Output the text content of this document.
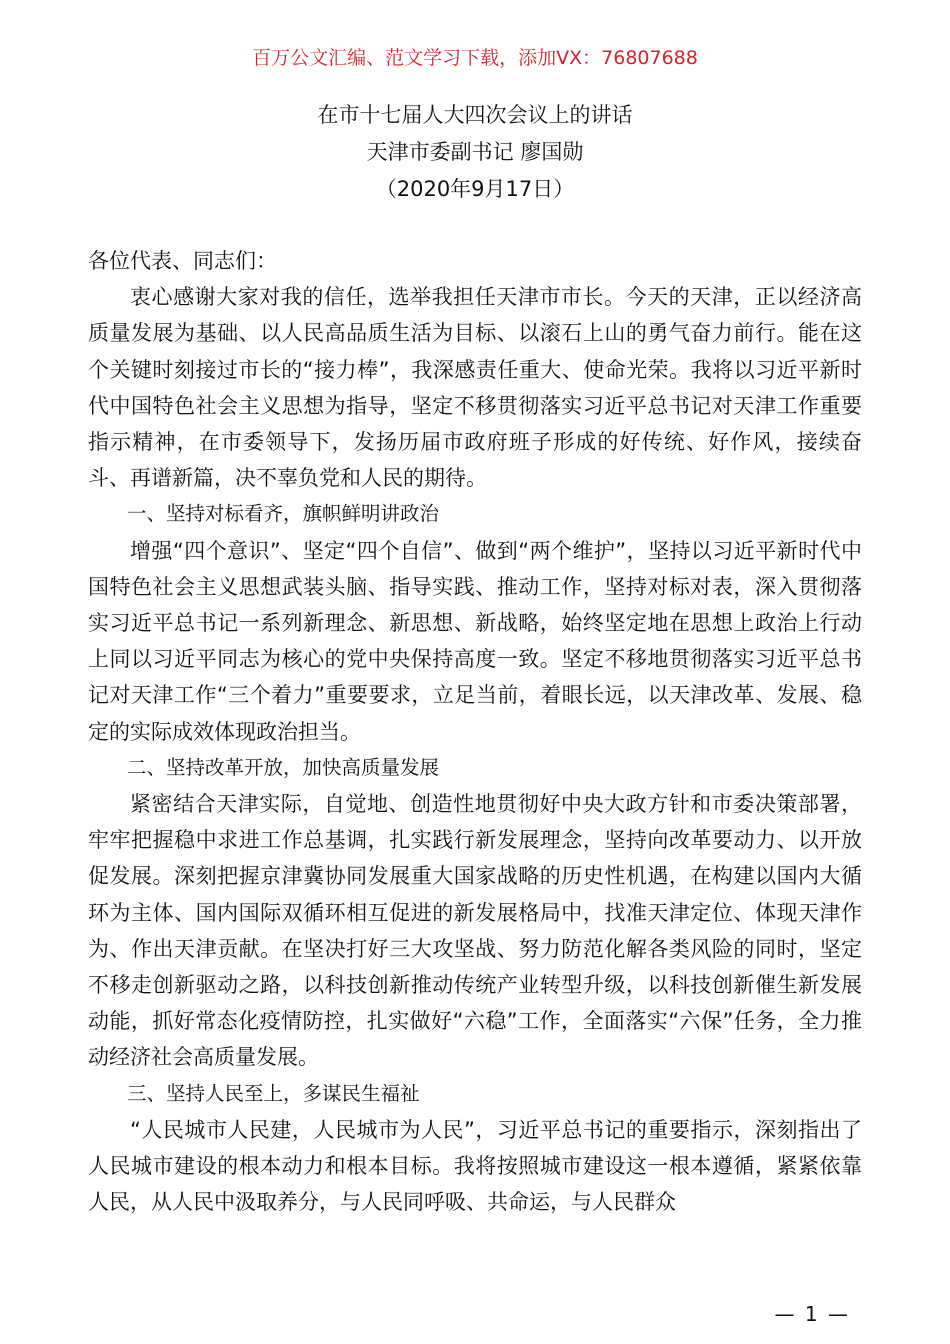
百万公文汇编、范文学习下载，添加VX：76807688
在市十七届人大四次会议上的讲话
天津市委副书记 廖国勋
（2020年9月17日）

各位代表、同志们：

衷心感谢大家对我的信任，选举我担任天津市市长。今天的天津，正以经济高质量发展为基础、以人民高品质生活为目标、以滚石上山的勇气奋力前行。能在这个关键时刻接过市长的“接力棒”，我深感责任重大、使命光荣。我将以习近平新时代中国特色社会主义思想为指导，坚定不移贯彻落实习近平总书记对天津工作重要指示精神，在市委领导下，发扬历届市政府班子形成的好传统、好作风，接续奋斗、再谱新篇，决不辜负党和人民的期待。

一、坚持对标看齐，旗帜鲜明讲政治

增强“四个意识”、坚定“四个自信”、做到“两个维护”，坚持以习近平新时代中国特色社会主义思想武装头脑、指导实践、推动工作，坚持对标对表，深入贯彻落实习近平总书记一系列新理念、新思想、新战略，始终坚定地在思想上政治上行动上同以习近平同志为核心的党中央保持高度一致。坚定不移地贯彻落实习近平总书记对天津工作“三个着力”重要要求，立足当前，着眼长远，以天津改革、发展、稳定的实际成效体现政治担当。

二、坚持改革开放，加快高质量发展

紧密结合天津实际，自觉地、创造性地贯彻好中央大政方针和市委决策部署，牢牢把握稳中求进工作总基调，扎实践行新发展理念，坚持向改革要动力、以开放促发展。深刻把握京津冀协同发展重大国家战略的历史性机遇，在构建以国内大循环为主体、国内国际双循环相互促进的新发展格局中，找准天津定位、体现天津作为、作出天津贡献。在坚决打好三大攻坚战、努力防范化解各类风险的同时，坚定不移走创新驱动之路，以科技创新推动传统产业转型升级，以科技创新催生新发展动能，抓好常态化疫情防控，扎实做好“六稳”工作，全面落实“六保”任务，全力推动经济社会高质量发展。

三、坚持人民至上，多谋民生福祉

“人民城市人民建，人民城市为人民”，习近平总书记的重要指示，深刻指出了人民城市建设的根本动力和根本目标。我将按照城市建设这一根本遵循，紧紧依靠人民，从人民中汲取养分，与人民同呼吸、共命运，与人民群众

— 1 —
